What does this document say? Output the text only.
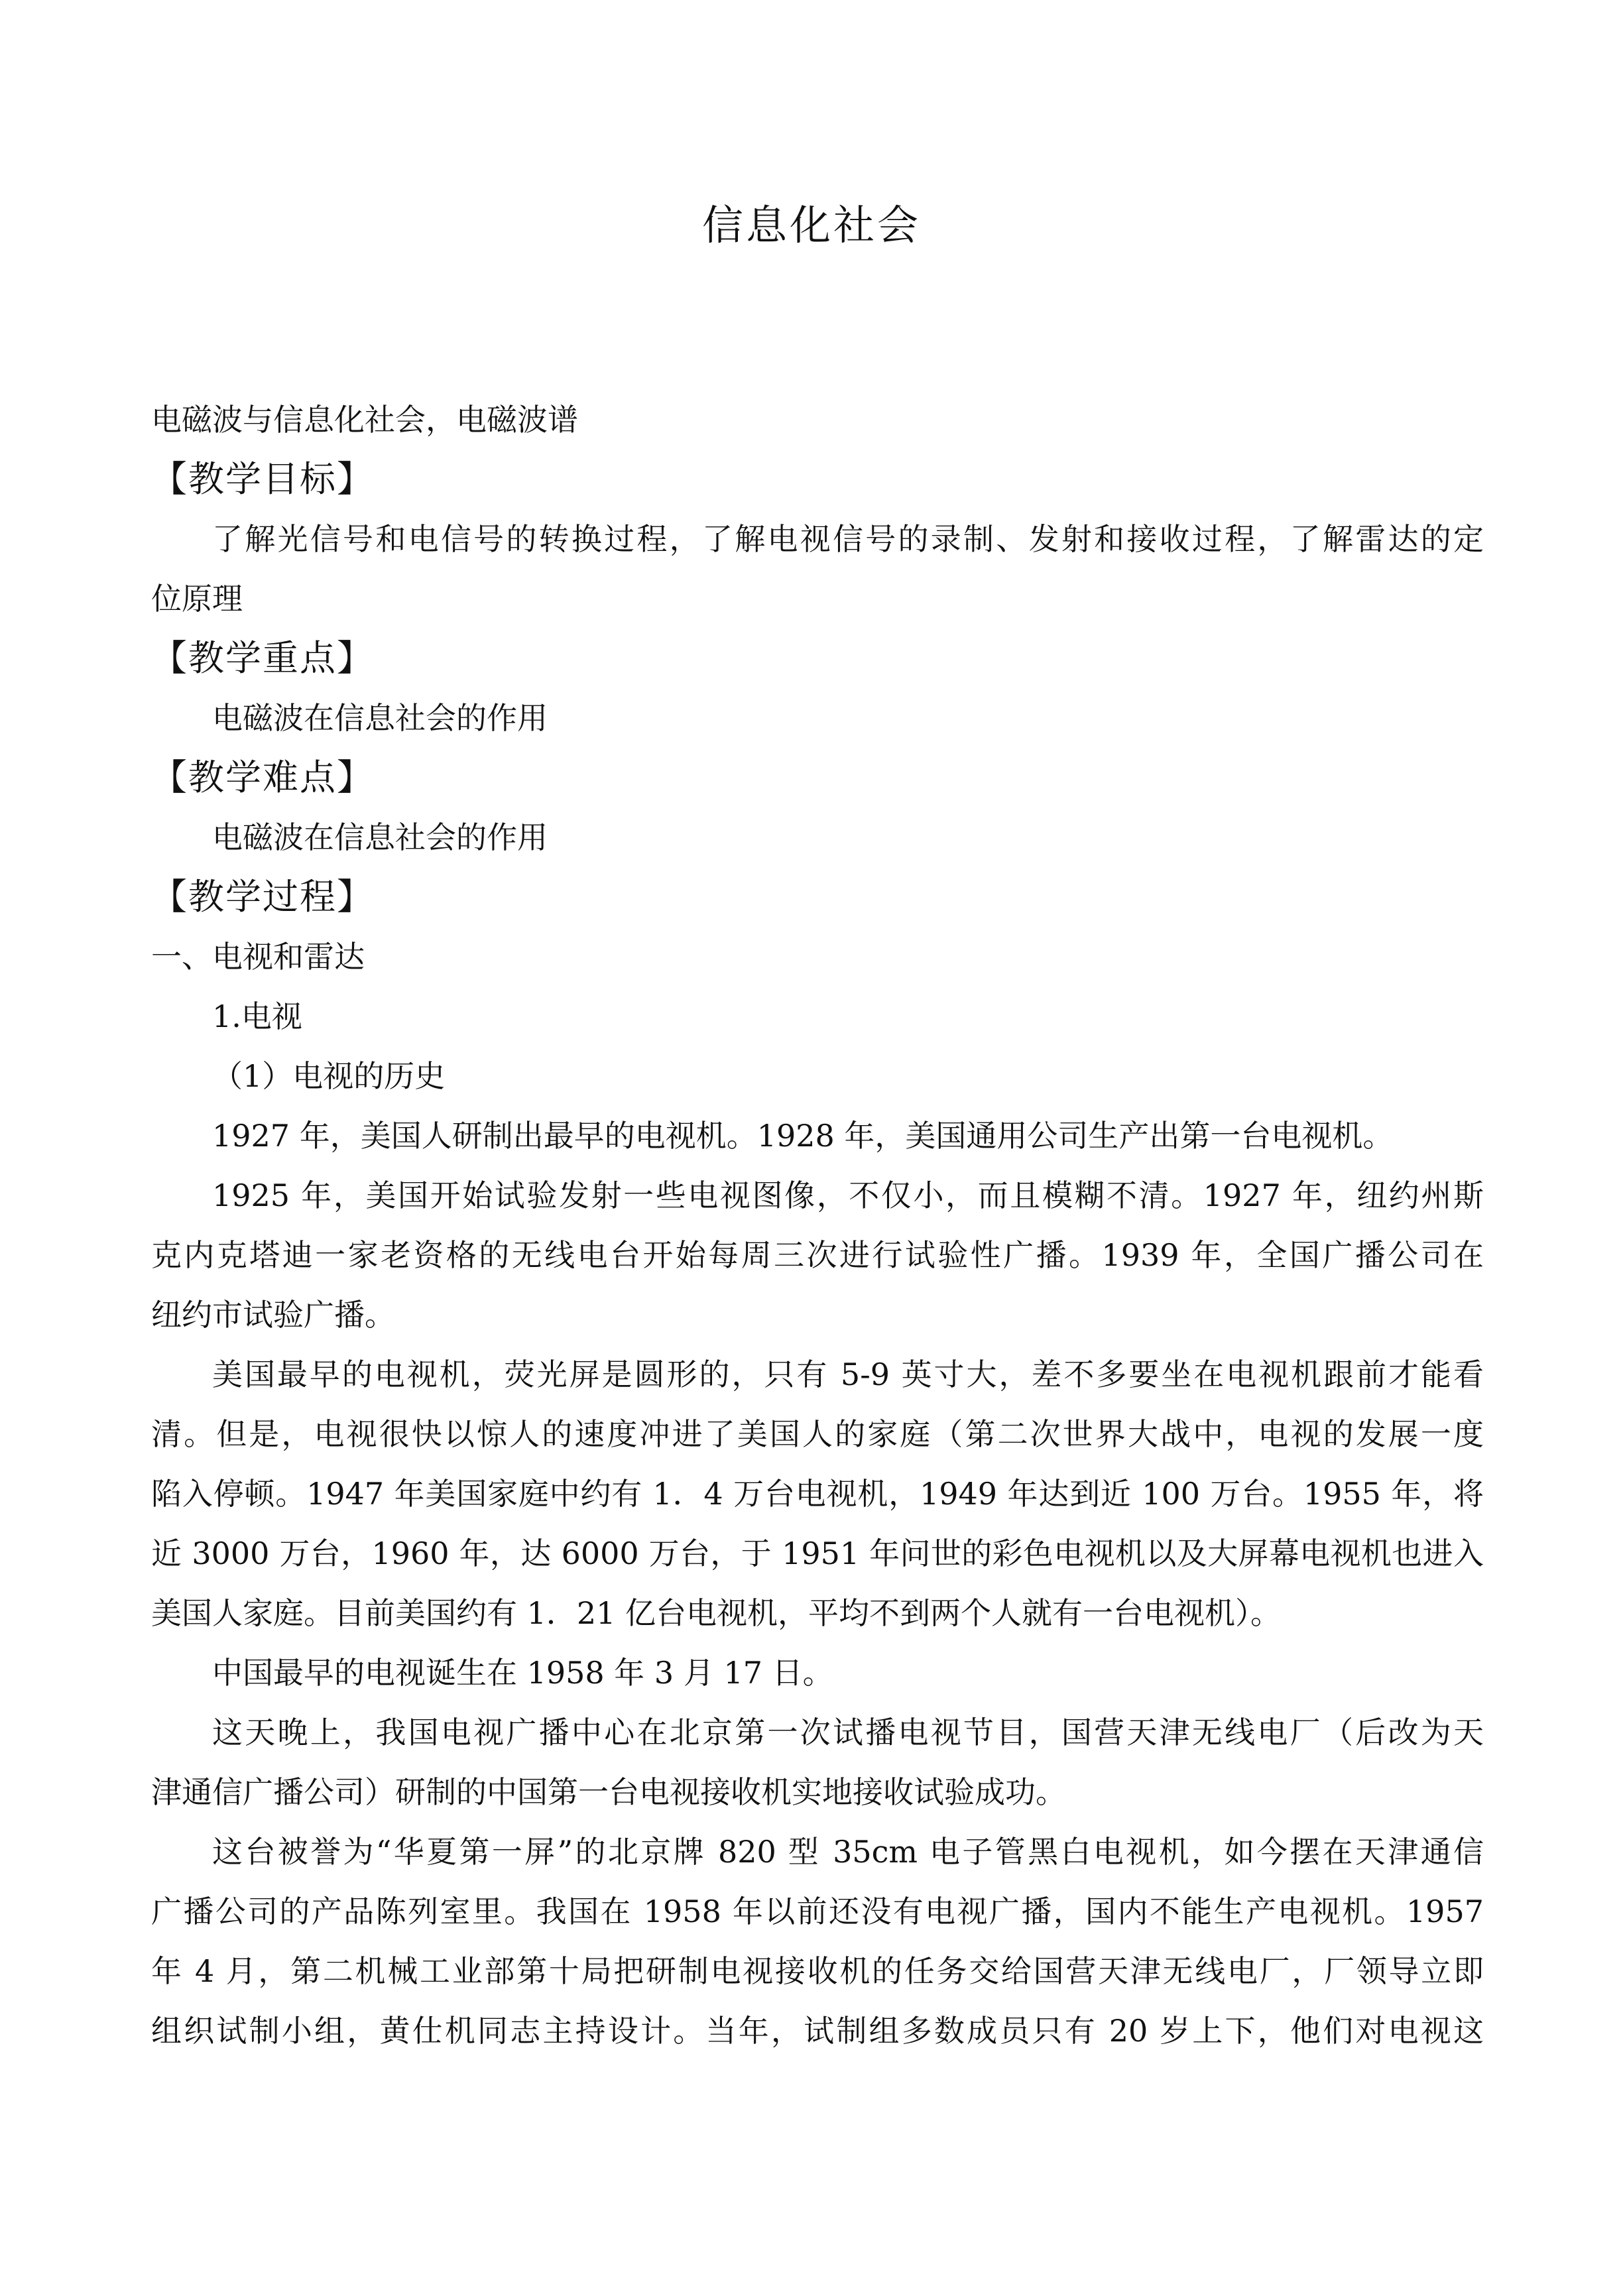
信息化社会
电磁波与信息化社会，电磁波谱
【教学目标】
了解光信号和电信号的转换过程，了解电视信号的录制、发射和接收过程，了解雷达的定
位原理
【教学重点】
电磁波在信息社会的作用
【教学难点】
电磁波在信息社会的作用
【教学过程】
一、电视和雷达
1.电视
（1）电视的历史
1927 年，美国人研制出最早的电视机。1928 年，美国通用公司生产出第一台电视机。
1925 年，美国开始试验发射一些电视图像，不仅小，而且模糊不清。1927 年，纽约州斯
克内克塔迪一家老资格的无线电台开始每周三次进行试验性广播。1939 年，全国广播公司在
纽约市试验广播。
美国最早的电视机，荧光屏是圆形的，只有 5-9 英寸大，差不多要坐在电视机跟前才能看
清。但是，电视很快以惊人的速度冲进了美国人的家庭（第二次世界大战中，电视的发展一度
陷入停顿。1947 年美国家庭中约有 1．4 万台电视机，1949 年达到近 100 万台。1955 年，将
近 3000 万台，1960 年，达 6000 万台，于 1951 年问世的彩色电视机以及大屏幕电视机也进入
美国人家庭。目前美国约有 1．21 亿台电视机，平均不到两个人就有一台电视机）。
中国最早的电视诞生在 1958 年 3 月 17 日。
这天晚上，我国电视广播中心在北京第一次试播电视节目，国营天津无线电厂（后改为天
津通信广播公司）研制的中国第一台电视接收机实地接收试验成功。
这台被誉为“华夏第一屏”的北京牌 820 型 35cm 电子管黑白电视机，如今摆在天津通信
广播公司的产品陈列室里。我国在 1958 年以前还没有电视广播，国内不能生产电视机。1957
年 4 月，第二机械工业部第十局把研制电视接收机的任务交给国营天津无线电厂，厂领导立即
组织试制小组，黄仕机同志主持设计。当年，试制组多数成员只有 20 岁上下，他们对电视这
